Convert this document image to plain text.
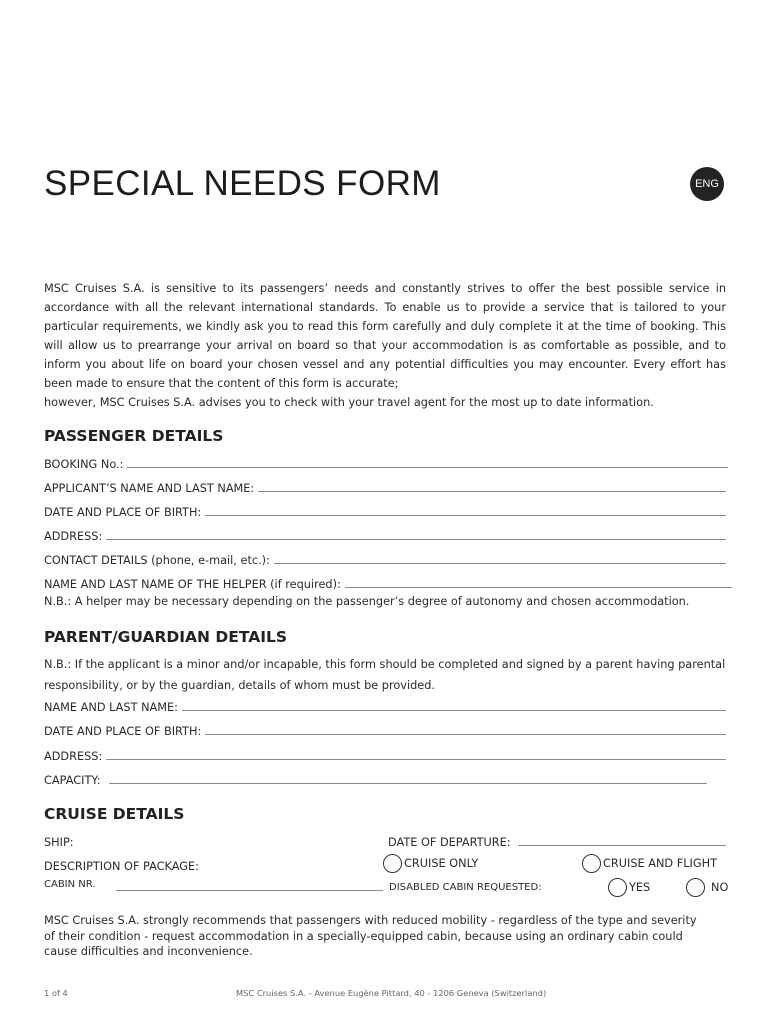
SPECIAL NEEDS FORM	ENG

MSC Cruises S.A. is sensitive to its passengers’ needs and constantly strives to offer the best possible service in accordance with all the relevant international standards. To enable us to provide a service that is tailored to your particular requirements, we kindly ask you to read this form carefully and duly complete it at the time of booking. This will allow us to prearrange your arrival on board so that your accommodation is as comfortable as possible, and to inform you about life on board your chosen vessel and any potential difficulties you may encounter. Every effort has been made to ensure that the content of this form is accurate;

however, MSC Cruises S.A. advises you to check with your travel agent for the most up to date information.

PASSENGER DETAILS
BOOKING No.:
APPLICANT’S NAME AND LAST NAME:
DATE AND PLACE OF BIRTH:
ADDRESS:
CONTACT DETAILS (phone, e-mail, etc.):
NAME AND LAST NAME OF THE HELPER (if required):
N.B.: A helper may be necessary depending on the passenger’s degree of autonomy and chosen accommodation.
PARENT/GUARDIAN DETAILS
N.B.: If the applicant is a minor and/or incapable, this form should be completed and signed by a parent having parental responsibility, or by the guardian, details of whom must be provided.
NAME AND LAST NAME:
DATE AND PLACE OF BIRTH:
ADDRESS:
CAPACITY:
CRUISE DETAILS
SHIP:	DATE OF DEPARTURE:
DESCRIPTION OF PACKAGE:	CRUISE ONLY	CRUISE AND FLIGHT
CABIN NR.	DISABLED CABIN REQUESTED:	YES	NO
MSC Cruises S.A. strongly recommends that passengers with reduced mobility - regardless of the type and severity of their condition - request accommodation in a specially-equipped cabin, because using an ordinary cabin could cause difficulties and inconvenience.
1 of 4	MSC Cruises S.A. - Avenue Eugène Pittard, 40 - 1206 Geneva (Switzerland)
